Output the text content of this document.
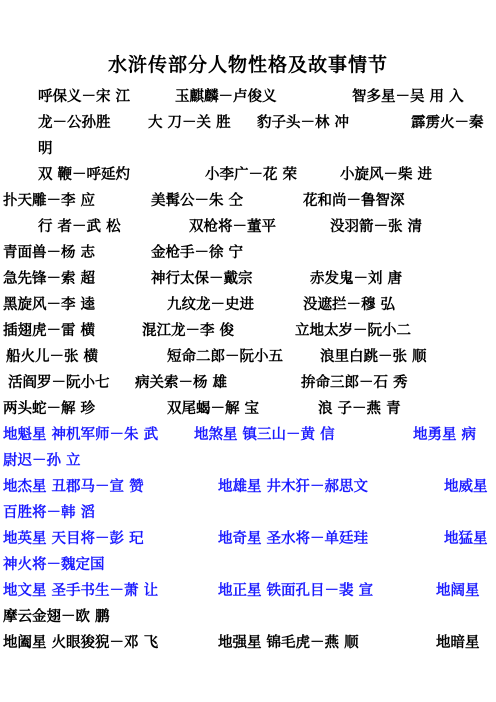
水浒传部分人物性格及故事情节
呼保义－宋 江	玉麒麟－卢俊义	智多星－吴 用 入
龙－公孙胜	大 刀－关 胜 豹子头－林 冲	霹雳火－秦
明
双 鞭－呼延灼	小李广－花 荣	小旋风－柴 进
扑天雕－李 应	美髯公－朱 仝	花和尚－鲁智深
行 者－武 松	双枪将－董平	没羽箭－张 清
青面兽－杨 志	金枪手－徐 宁
急先锋－索 超	神行太保－戴宗	赤发鬼－刘 唐
黑旋风－李 逵	九纹龙－史进	没遮拦－穆 弘
插翅虎－雷 横	混江龙－李 俊	立地太岁－阮小二
船火儿－张 横	短命二郎－阮小五	浪里白跳－张 顺
活阎罗－阮小七 病关索－杨 雄	拚命三郎－石 秀
两头蛇－解 珍	双尾蝎－解 宝	浪 子－燕 青
地魁星 神机军师－朱 武 地煞星 镇三山－黄 信	地勇星 病
尉迟－孙 立
地杰星 丑郡马－宣 赞	地雄星 井木犴－郝思文	地威星
百胜将－韩 滔
地英星 天目将－彭 玘	地奇星 圣水将－单廷珪	地猛星
神火将－魏定国
地文星 圣手书生－萧 让	地正星 铁面孔目－裴 宣	地阔星
摩云金翅－欧 鹏
地阖星 火眼狻猊－邓 飞	地强星 锦毛虎－燕 顺	地暗星
